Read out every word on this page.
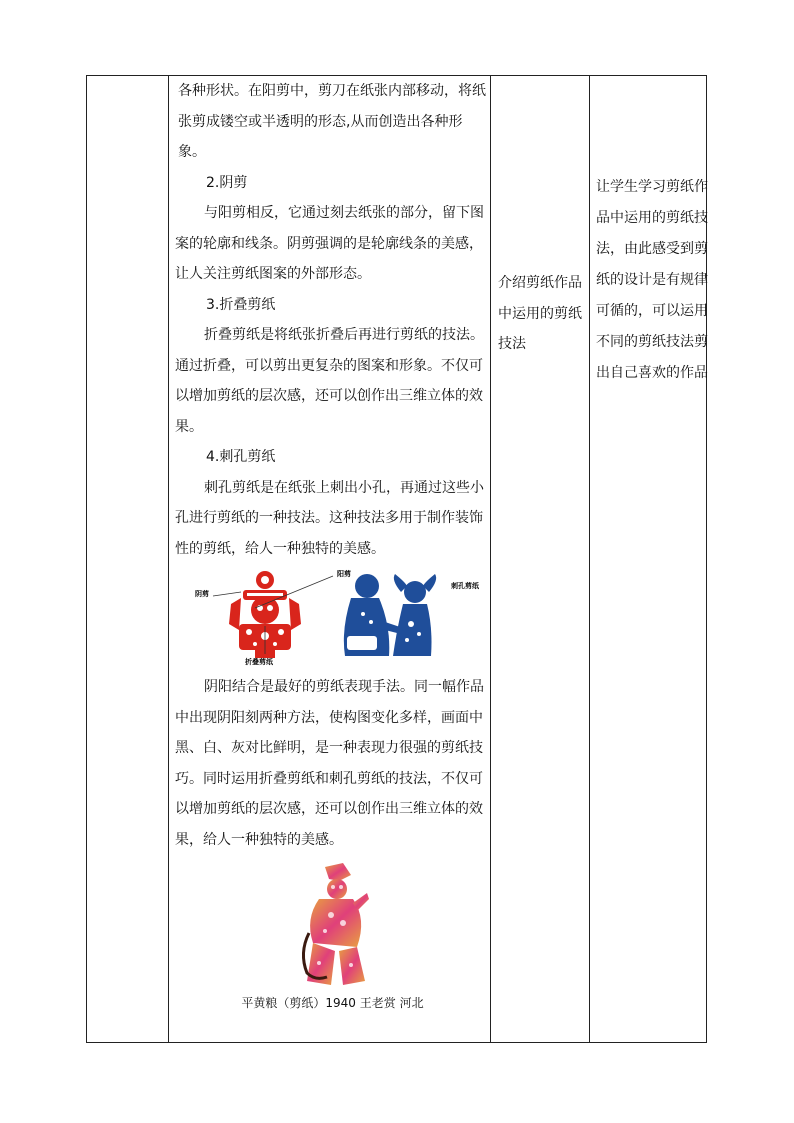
各种形状。在阳剪中，剪刀在纸张内部移动，将纸张剪成镂空或半透明的形态,从而创造出各种形象。

2.阴剪

与阳剪相反，它通过刻去纸张的部分，留下图案的轮廓和线条。阴剪强调的是轮廓线条的美感，让人关注剪纸图案的外部形态。

3.折叠剪纸

折叠剪纸是将纸张折叠后再进行剪纸的技法。通过折叠，可以剪出更复杂的图案和形象。不仅可以增加剪纸的层次感，还可以创作出三维立体的效果。

4.刺孔剪纸

刺孔剪纸是在纸张上刺出小孔，再通过这些小孔进行剪纸的一种技法。这种技法多用于制作装饰性的剪纸，给人一种独特的美感。

阴剪
阳剪
折叠剪纸
刺孔剪纸

阴阳结合是最好的剪纸表现手法。同一幅作品中出现阴阳刻两种方法，使构图变化多样，画面中黑、白、灰对比鲜明，是一种表现力很强的剪纸技巧。同时运用折叠剪纸和刺孔剪纸的技法，不仅可以增加剪纸的层次感，还可以创作出三维立体的效果，给人一种独特的美感。

平黄粮（剪纸）1940 王老赏 河北

介绍剪纸作品中运用的剪纸技法
让学生学习剪纸作品中运用的剪纸技法，由此感受到剪纸的设计是有规律可循的，可以运用不同的剪纸技法剪出自己喜欢的作品
